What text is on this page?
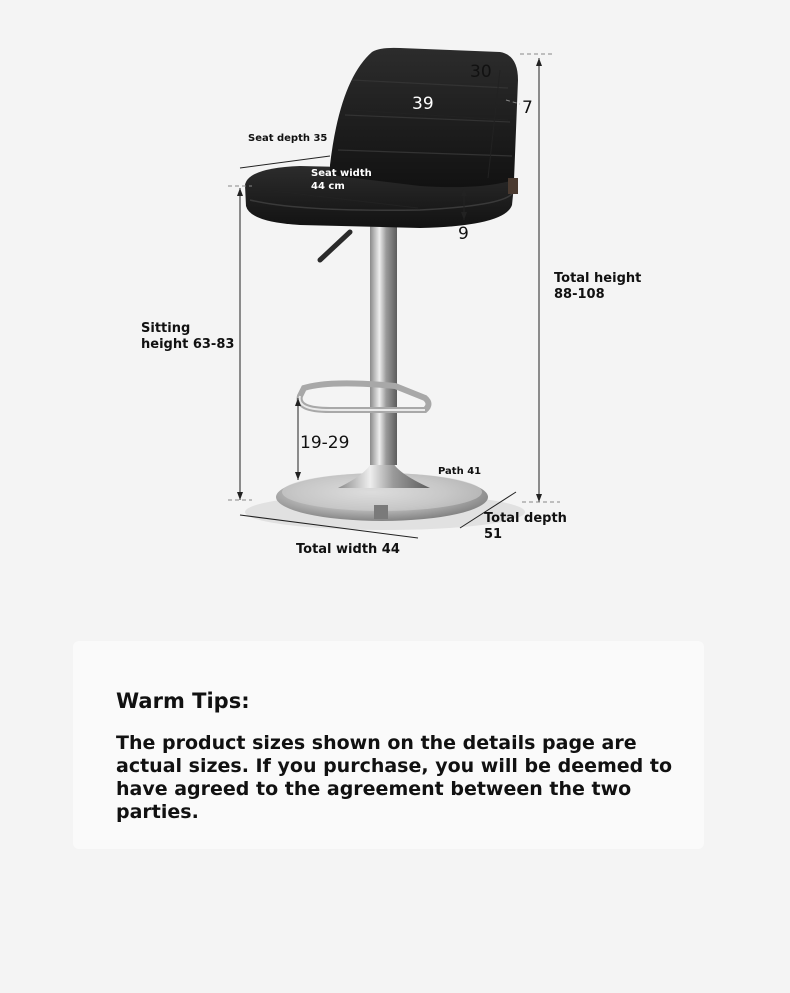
30
39	7
Seat depth 35
Seat width 44 cm
9
Total height 88-108
Sitting height 63-83
19-29
Path 41
Total depth 51
Total width 44
Warm Tips:
The product sizes shown on the details page are actual sizes. If you purchase, you will be deemed to have agreed to the agreement between the two parties.
